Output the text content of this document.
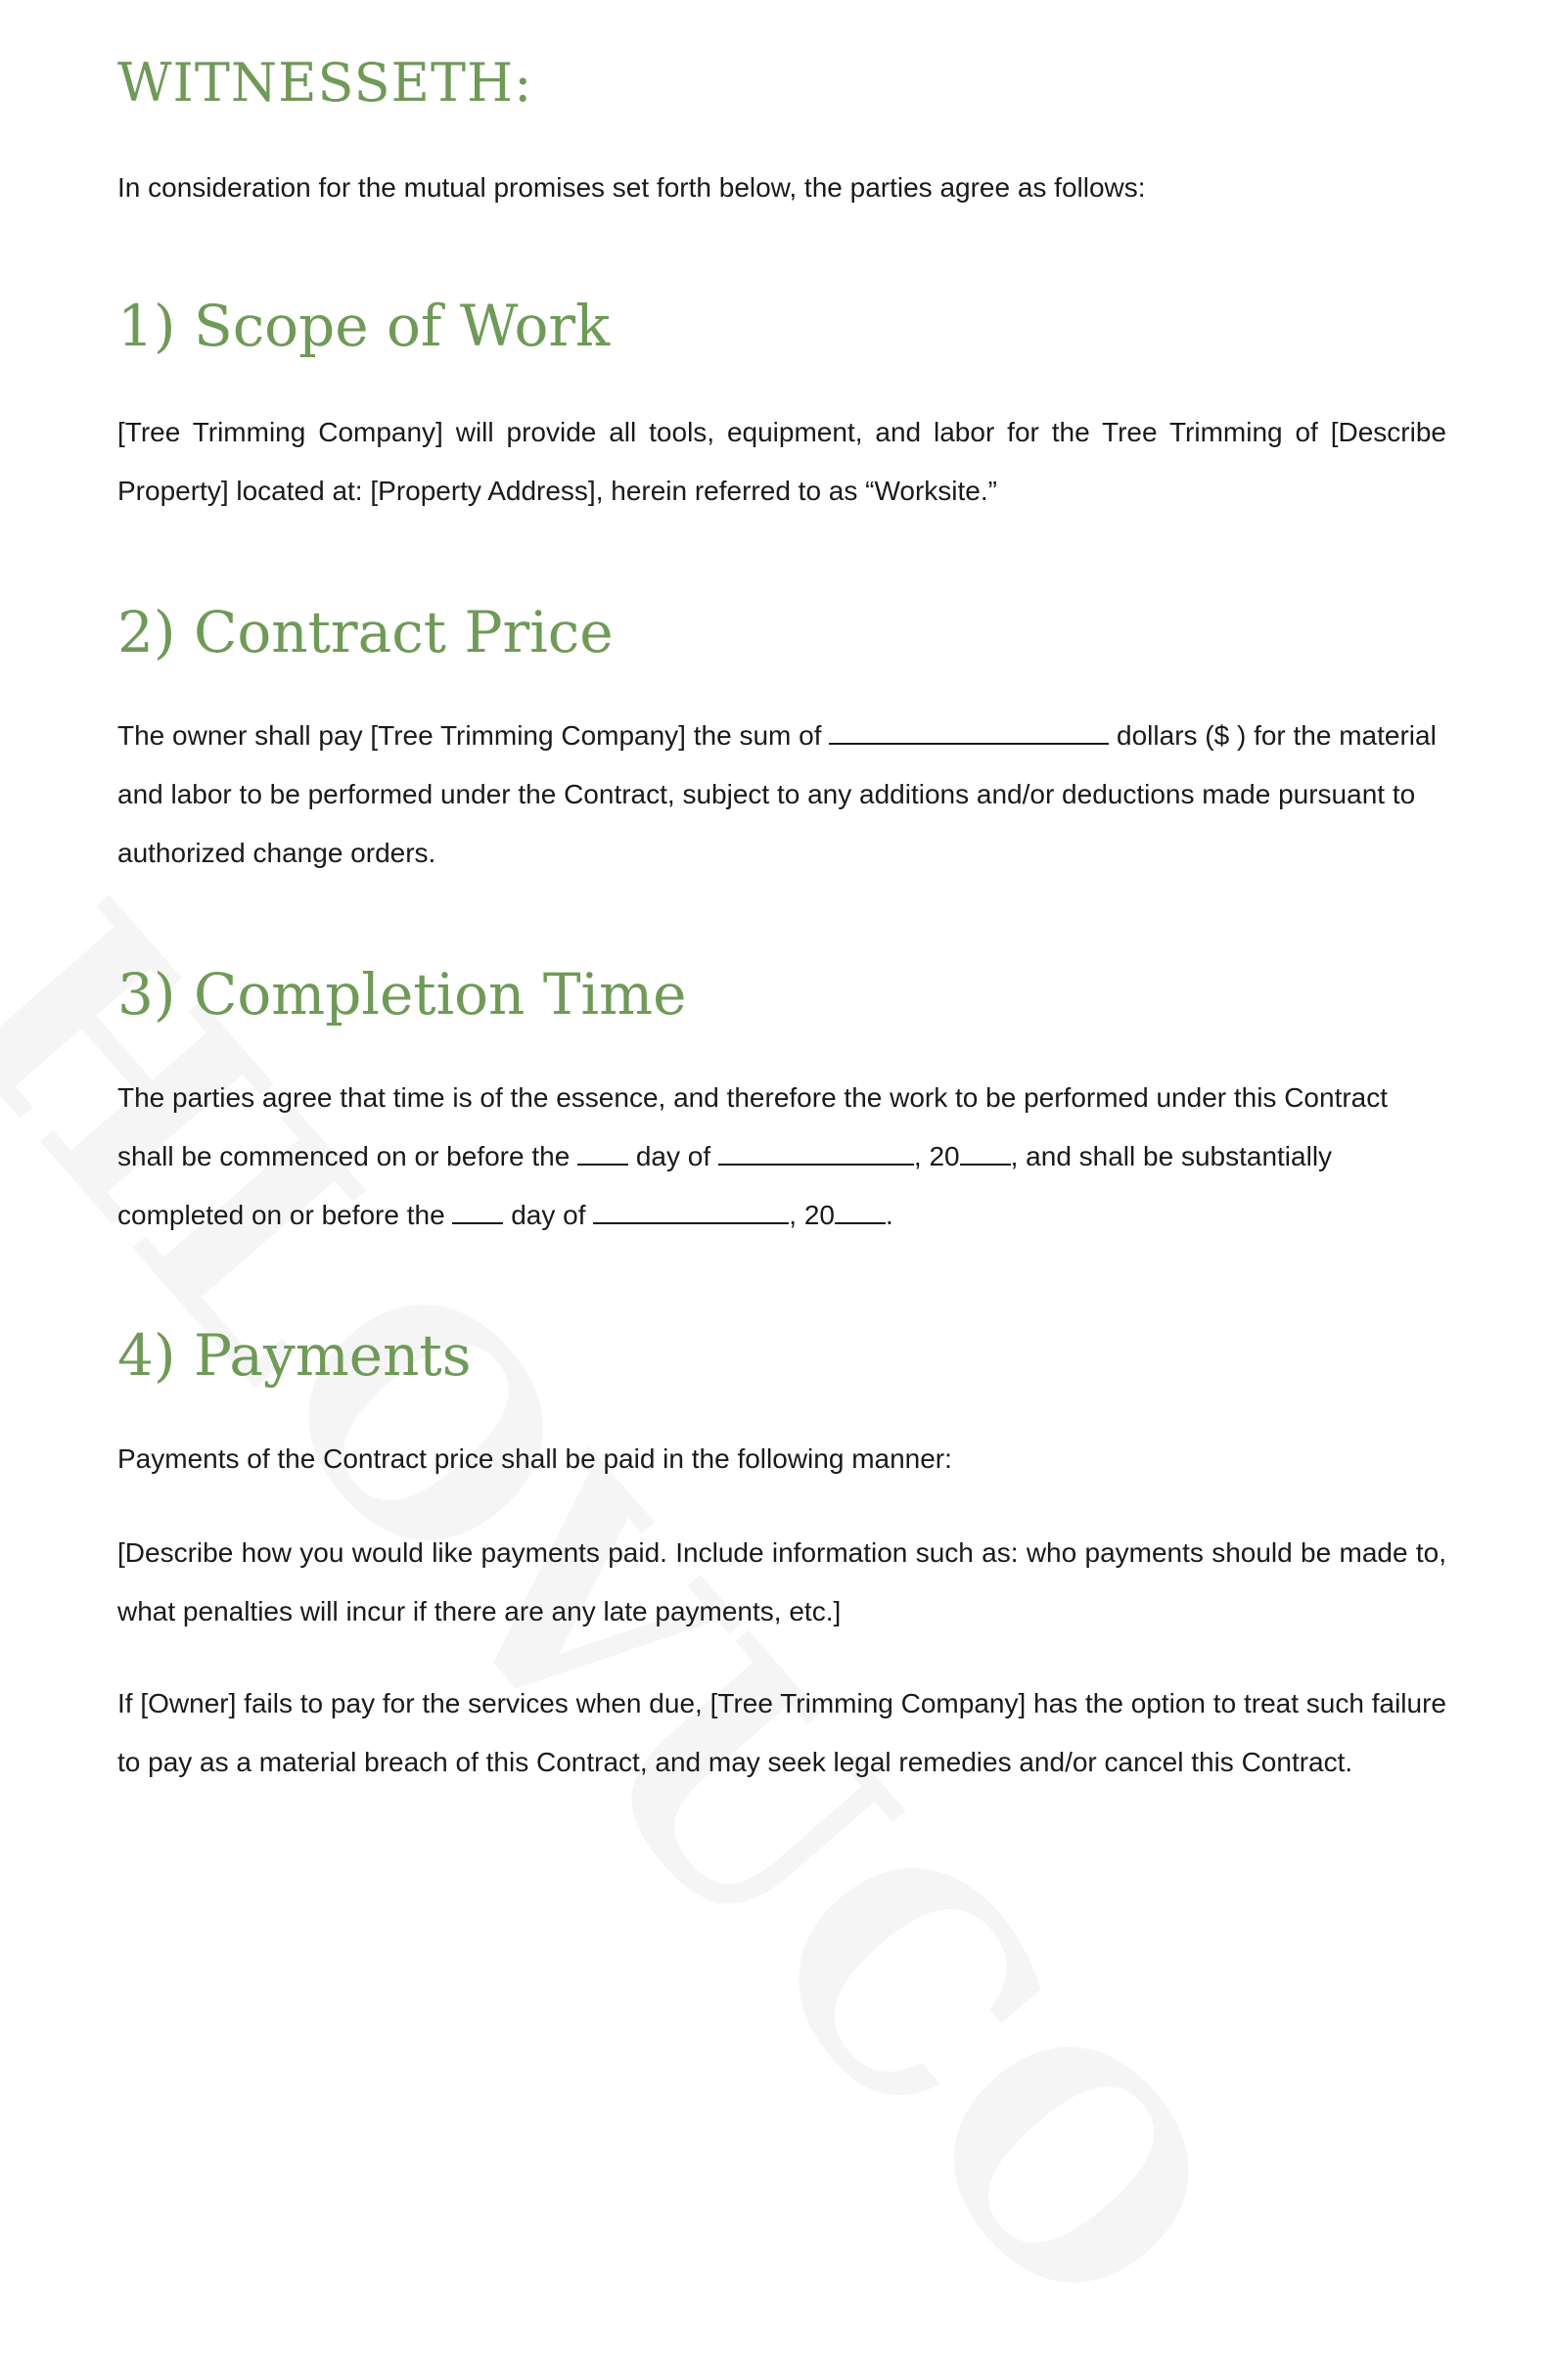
WITNESSETH:

In consideration for the mutual promises set forth below, the parties agree as follows:

1) Scope of Work

[Tree Trimming Company] will provide all tools, equipment, and labor for the Tree Trimming of [Describe Property] located at: [Property Address], herein referred to as “Worksite.”

2) Contract Price

The owner shall pay [Tree Trimming Company] the sum of	dollars ($ ) for the material and labor to be performed under the Contract, subject to any additions and/or deductions made pursuant to authorized change orders.

3) Completion Time

The parties agree that time is of the essence, and therefore the work to be performed under this Contract shall be commenced on or before the  day of	, 20 , and shall be substantially completed on or before the  day of	, 20 .

4) Payments

Payments of the Contract price shall be paid in the following manner:

[Describe how you would like payments paid. Include information such as: who payments should be made to, what penalties will incur if there are any late payments, etc.]

If [Owner] fails to pay for the services when due, [Tree Trimming Company] has the option to treat such failure to pay as a material breach of this Contract, and may seek legal remedies and/or cancel this Contract.
